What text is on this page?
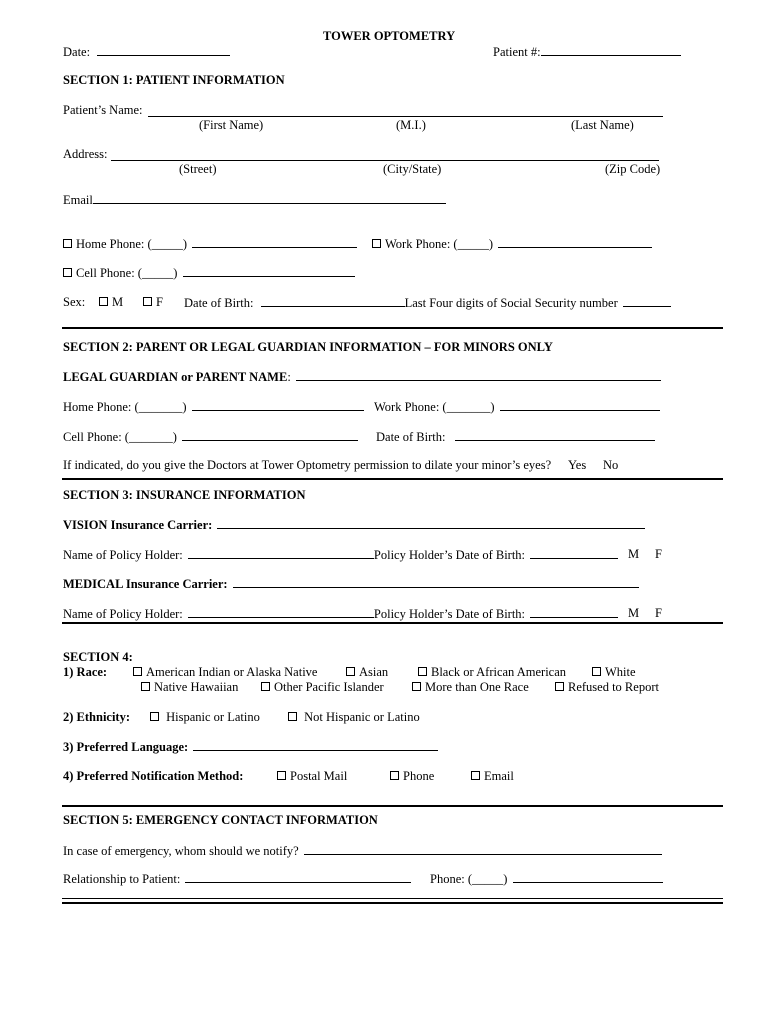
TOWER OPTOMETRY
Date:	Patient #:
SECTION 1: PATIENT INFORMATION
Patient’s Name:
(First Name)	(M.I.)	(Last Name)
Address:
(Street)	(City/State)	(Zip Code)
Email
Home Phone: (_____)	Work Phone: (_____)
Cell Phone: (_____)
Sex:	M	F Date of Birth:	Last Four digits of Social Security number
SECTION 2: PARENT OR LEGAL GUARDIAN INFORMATION – FOR MINORS ONLY
LEGAL GUARDIAN or PARENT NAME:
Home Phone: (_______)	Work Phone: (_______)
Cell Phone: (_______)	Date of Birth:
If indicated, do you give the Doctors at Tower Optometry permission to dilate your minor’s eyes? Yes No
SECTION 3: INSURANCE INFORMATION
VISION Insurance Carrier:
Name of Policy Holder:	Policy Holder’s Date of Birth:	M F
MEDICAL Insurance Carrier:
Name of Policy Holder:	Policy Holder’s Date of Birth:	M F
SECTION 4:
1) Race:	American Indian or Alaska Native	Asian	Black or African American	White
Native Hawaiian	Other Pacific Islander	More than One Race	Refused to Report
2) Ethnicity:	Hispanic or Latino	Not Hispanic or Latino
3) Preferred Language:
4) Preferred Notification Method:	Postal Mail	Phone	Email
SECTION 5: EMERGENCY CONTACT INFORMATION
In case of emergency, whom should we notify?
Relationship to Patient:	Phone: (_____)
